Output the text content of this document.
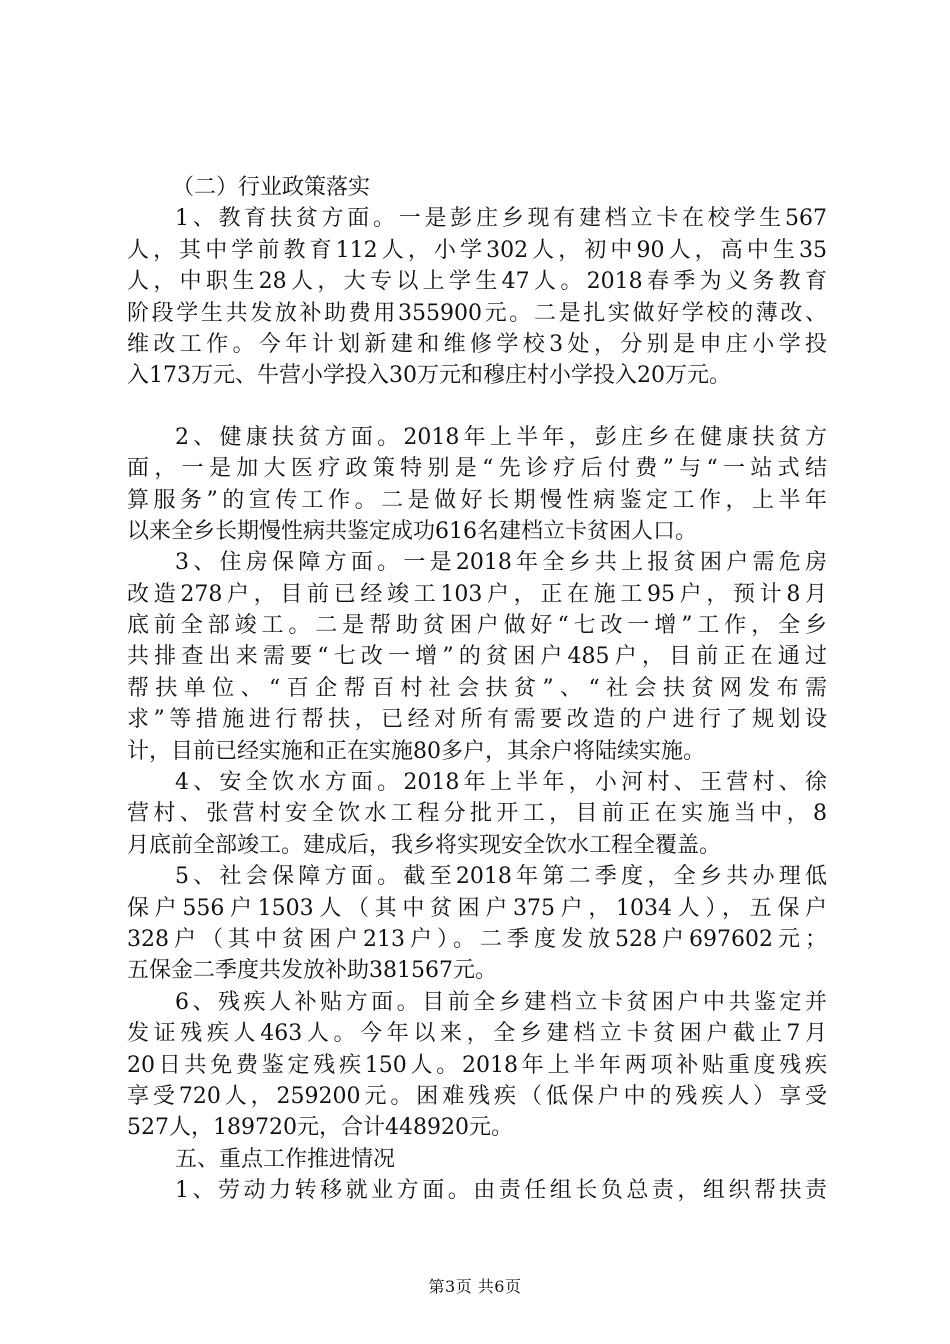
（二）行业政策落实
1、教育扶贫方面。一是彭庄乡现有建档立卡在校学生567
人，其中学前教育112人，小学302人，初中90人，高中生35
人，中职生28人，大专以上学生47人。2018春季为义务教育
阶段学生共发放补助费用355900元。二是扎实做好学校的薄改、
维改工作。今年计划新建和维修学校3处，分别是申庄小学投
入173万元、牛营小学投入30万元和穆庄村小学投入20万元。
2、健康扶贫方面。2018年上半年，彭庄乡在健康扶贫方
面，一是加大医疗政策特别是“先诊疗后付费”与“一站式结
算服务”的宣传工作。二是做好长期慢性病鉴定工作，上半年
以来全乡长期慢性病共鉴定成功616名建档立卡贫困人口。
3、住房保障方面。一是2018年全乡共上报贫困户需危房
改造278户，目前已经竣工103户，正在施工95户，预计8月
底前全部竣工。二是帮助贫困户做好“七改一增”工作，全乡
共排查出来需要“七改一增”的贫困户485户，目前正在通过
帮扶单位、“百企帮百村社会扶贫”、“社会扶贫网发布需
求”等措施进行帮扶，已经对所有需要改造的户进行了规划设
计，目前已经实施和正在实施80多户，其余户将陆续实施。
4、安全饮水方面。2018年上半年，小河村、王营村、徐
营村、张营村安全饮水工程分批开工，目前正在实施当中，8
月底前全部竣工。建成后，我乡将实现安全饮水工程全覆盖。
5、社会保障方面。截至2018年第二季度，全乡共办理低
保户556户1503人（其中贫困户375户，1034人），五保户
328户（其中贫困户213户）。二季度发放528户697602元；
五保金二季度共发放补助381567元。
6、残疾人补贴方面。目前全乡建档立卡贫困户中共鉴定并
发证残疾人463人。今年以来，全乡建档立卡贫困户截止7月
20日共免费鉴定残疾150人。2018年上半年两项补贴重度残疾
享受720人，259200元。困难残疾（低保户中的残疾人）享受
527人，189720元，合计448920元。
五、重点工作推进情况
1、劳动力转移就业方面。由责任组长负总责，组织帮扶责
第3页 共6页
